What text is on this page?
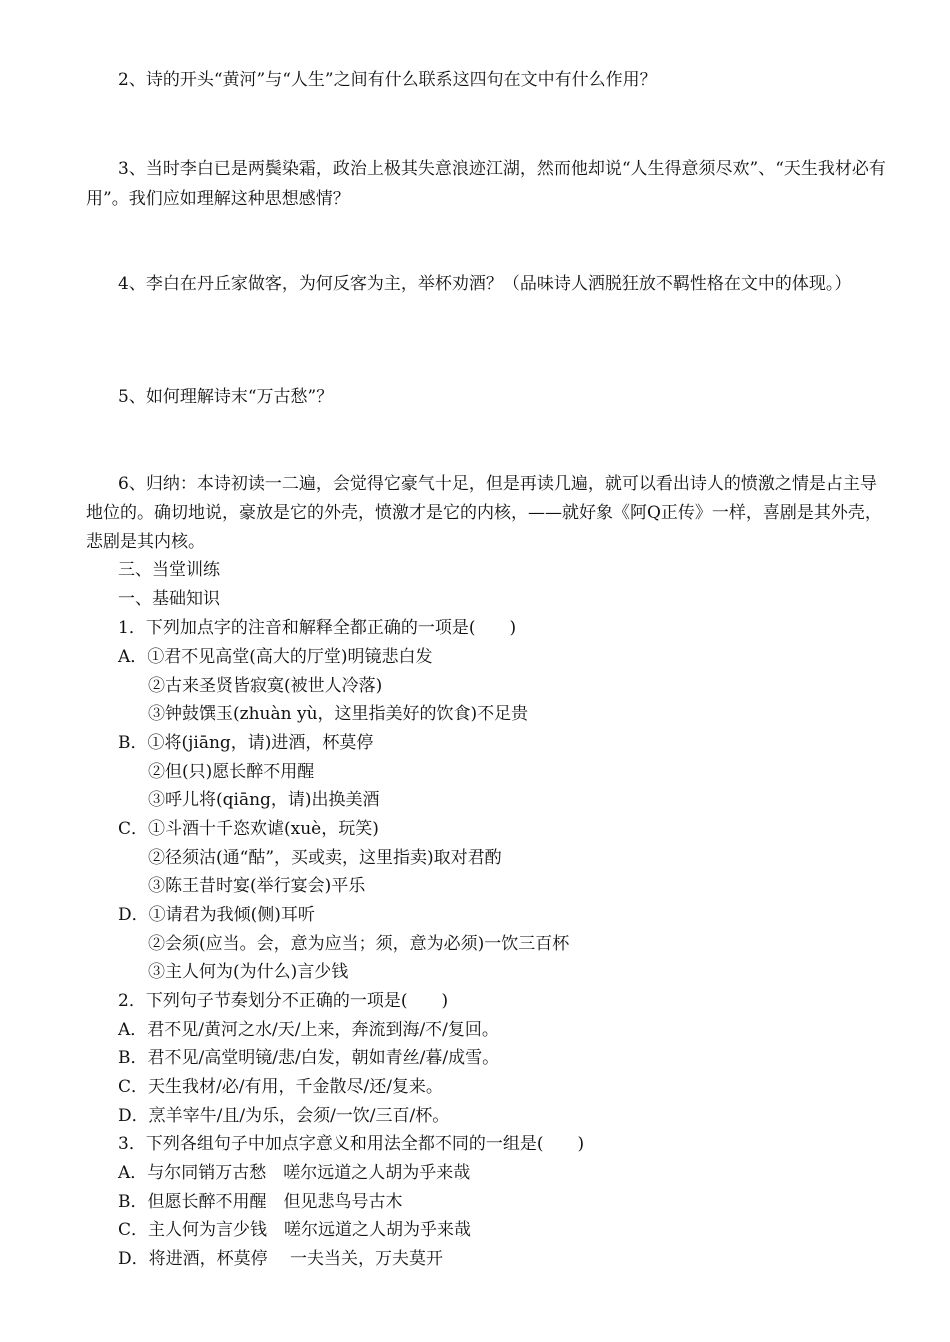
2、诗的开头“黄河”与“人生”之间有什么联系这四句在文中有什么作用？
3、当时李白已是两鬓染霜，政治上极其失意浪迹江湖，然而他却说“人生得意须尽欢”、“天生我材必有用”。我们应如理解这种思想感情？
4、李白在丹丘家做客，为何反客为主，举杯劝酒？（品味诗人洒脱狂放不羁性格在文中的体现。）
5、如何理解诗末“万古愁”？
6、归纳：本诗初读一二遍，会觉得它豪气十足，但是再读几遍，就可以看出诗人的愤激之情是占主导地位的。确切地说，豪放是它的外壳，愤激才是它的内核，——就好象《阿Q正传》一样，喜剧是其外壳，悲剧是其内核。
三、当堂训练
一、基础知识
1．下列加点字的注音和解释全都正确的一项是(　　)
A．①君不见高堂(高大的厅堂)明镜悲白发
②古来圣贤皆寂寞(被世人冷落)
③钟鼓馔玉(zhuàn yù，这里指美好的饮食)不足贵
B．①将(jiāng，请)进酒，杯莫停
②但(只)愿长醉不用醒
③呼儿将(qiāng，请)出换美酒
C．①斗酒十千恣欢谑(xuè，玩笑)
②径须沽(通“酤”，买或卖，这里指卖)取对君酌
③陈王昔时宴(举行宴会)平乐
D．①请君为我倾(侧)耳听
②会须(应当。会，意为应当；须，意为必须)一饮三百杯
③主人何为(为什么)言少钱
2．下列句子节奏划分不正确的一项是(　　)
A．君不见/黄河之水/天/上来，奔流到海/不/复回。
B．君不见/高堂明镜/悲/白发，朝如青丝/暮/成雪。
C．天生我材/必/有用，千金散尽/还/复来。
D．烹羊宰牛/且/为乐，会须/一饮/三百/杯。
3．下列各组句子中加点字意义和用法全都不同的一组是(　　)
A．与尔同销万古愁　嗟尔远道之人胡为乎来哉
B．但愿长醉不用醒　但见悲鸟号古木
C．主人何为言少钱　嗟尔远道之人胡为乎来哉
D．将进酒，杯莫停 　一夫当关，万夫莫开
